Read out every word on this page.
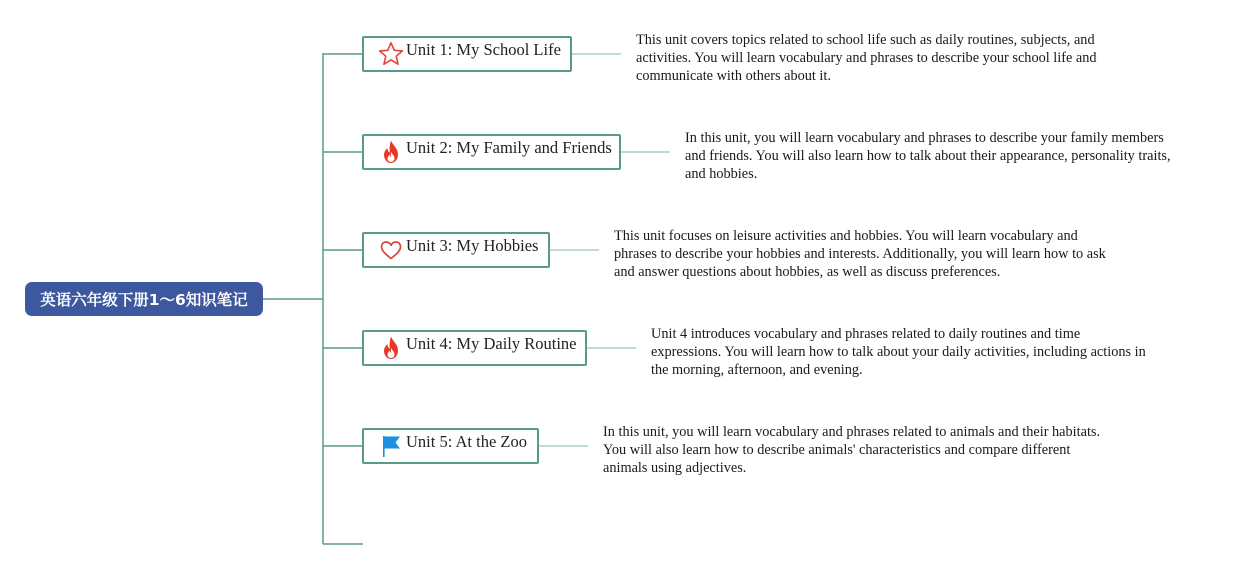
英语六年级下册1～6知识笔记
Unit 1: My School Life	This unit covers topics related to school life such as daily routines, subjects, and activities. You will learn vocabulary and phrases to describe your school life and communicate with others about it.
Unit 2: My Family and Friends	In this unit, you will learn vocabulary and phrases to describe your family members and friends. You will also learn how to talk about their appearance, personality traits, and hobbies.
Unit 3: My Hobbies	This unit focuses on leisure activities and hobbies. You will learn vocabulary and phrases to describe your hobbies and interests. Additionally, you will learn how to ask and answer questions about hobbies, as well as discuss preferences.
Unit 4: My Daily Routine	Unit 4 introduces vocabulary and phrases related to daily routines and time expressions. You will learn how to talk about your daily activities, including actions in the morning, afternoon, and evening.
Unit 5: At the Zoo	In this unit, you will learn vocabulary and phrases related to animals and their habitats. You will also learn how to describe animals' characteristics and compare different animals using adjectives.
